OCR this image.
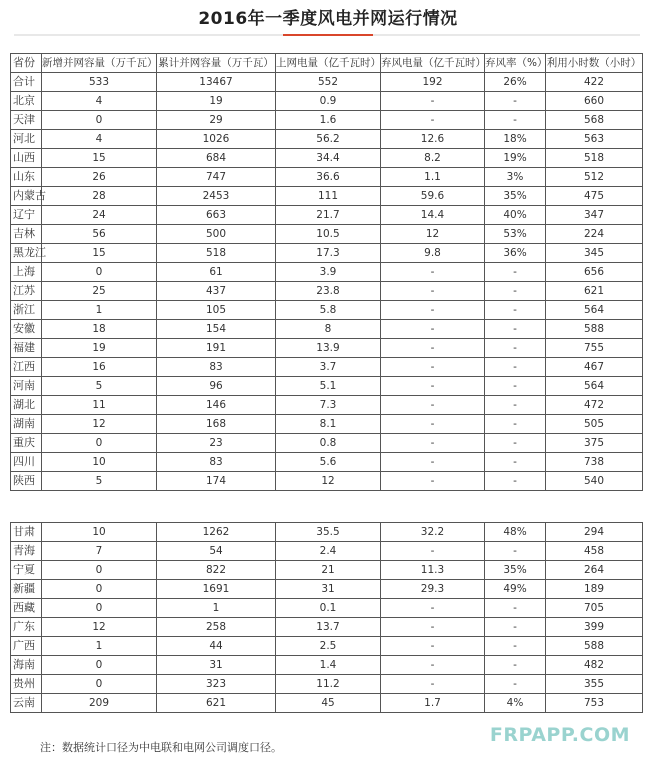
2016年一季度风电并网运行情况
省份	新增并网容量（万千瓦）	累计并网容量（万千瓦）	上网电量（亿千瓦时）	弃风电量（亿千瓦时）	弃风率（%）	利用小时数（小时）
合计	533	13467	552	192	26%	422
北京	4	19	0.9	-	-	660
天津	0	29	1.6	-	-	568
河北	4	1026	56.2	12.6	18%	563
山西	15	684	34.4	8.2	19%	518
山东	26	747	36.6	1.1	3%	512
内蒙古	28	2453	111	59.6	35%	475
辽宁	24	663	21.7	14.4	40%	347
吉林	56	500	10.5	12	53%	224
黑龙江	15	518	17.3	9.8	36%	345
上海	0	61	3.9	-	-	656
江苏	25	437	23.8	-	-	621
浙江	1	105	5.8	-	-	564
安徽	18	154	8	-	-	588
福建	19	191	13.9	-	-	755
江西	16	83	3.7	-	-	467
河南	5	96	5.1	-	-	564
湖北	11	146	7.3	-	-	472
湖南	12	168	8.1	-	-	505
重庆	0	23	0.8	-	-	375
四川	10	83	5.6	-	-	738
陕西	5	174	12	-	-	540
甘肃	10	1262	35.5	32.2	48%	294
青海	7	54	2.4	-	-	458
宁夏	0	822	21	11.3	35%	264
新疆	0	1691	31	29.3	49%	189
西藏	0	1	0.1	-	-	705
广东	12	258	13.7	-	-	399
广西	1	44	2.5	-	-	588
海南	0	31	1.4	-	-	482
贵州	0	323	11.2	-	-	355
云南	209	621	45	1.7	4%	753
注：数据统计口径为中电联和电网公司调度口径。
FRPAPP.COM
